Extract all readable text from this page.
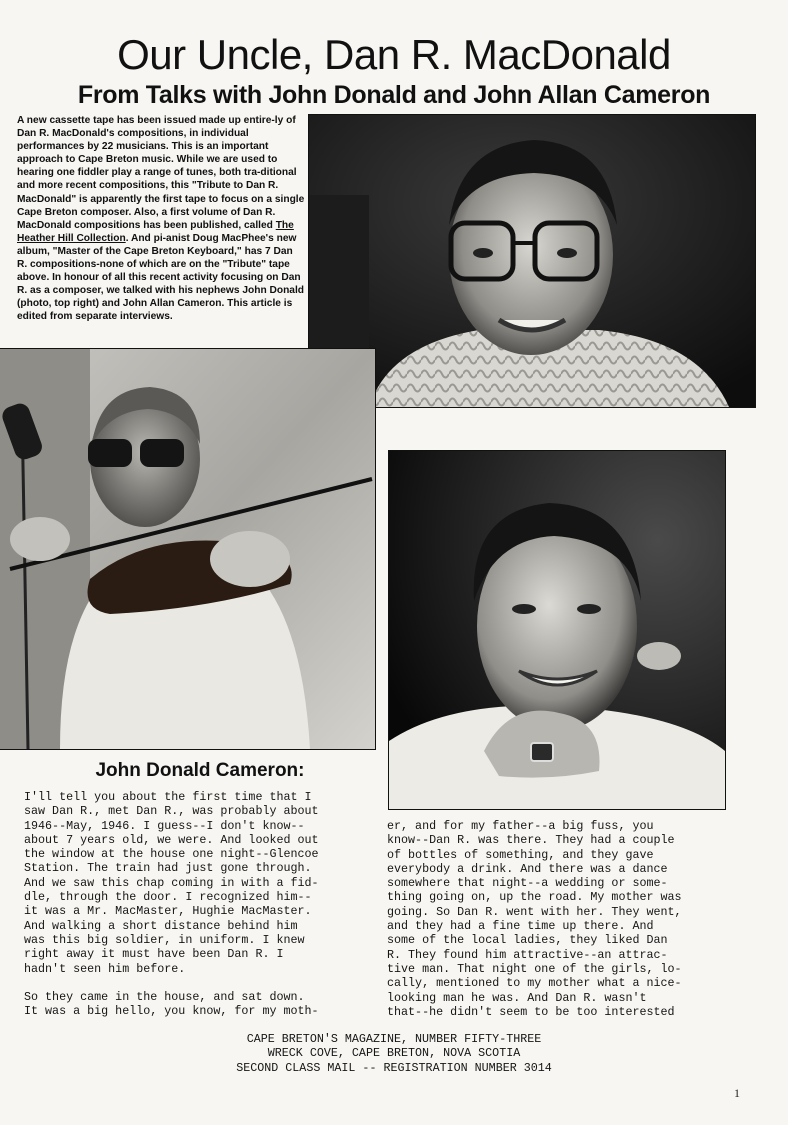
Our Uncle, Dan R. MacDonald
From Talks with John Donald and John Allan Cameron

A new cassette tape has been issued made up entire-ly of Dan R. MacDonald's compositions, in individual performances by 22 musicians. This is an important approach to Cape Breton music. While we are used to hearing one fiddler play a range of tunes, both tra-ditional and more recent compositions, this "Tribute to Dan R. MacDonald" is apparently the first tape to focus on a single Cape Breton composer. Also, a first volume of Dan R. MacDonald compositions has been published, called The Heather Hill Collection. And pi-anist Doug MacPhee's new album, "Master of the Cape Breton Keyboard," has 7 Dan R. compositions-none of which are on the "Tribute" tape above. In honour of all this recent activity focusing on Dan R. as a composer, we talked with his nephews John Donald (photo, top right) and John Allan Cameron. This article is edited from separate interviews.

John Donald Cameron:
I'll tell you about the first time that I
saw Dan R., met Dan R., was probably about
1946--May, 1946. I guess--I don't know--
about 7 years old, we were. And looked out
the window at the house one night--Glencoe
Station. The train had just gone through.
And we saw this chap coming in with a fid-
dle, through the door. I recognized him--
it was a Mr. MacMaster, Hughie MacMaster.
And walking a short distance behind him
was this big soldier, in uniform. I knew
right away it must have been Dan R. I
hadn't seen him before.

So they came in the house, and sat down.
It was a big hello, you know, for my moth-
er, and for my father--a big fuss, you
know--Dan R. was there. They had a couple
of bottles of something, and they gave
everybody a drink. And there was a dance
somewhere that night--a wedding or some-
thing going on, up the road. My mother was
going. So Dan R. went with her. They went,
and they had a fine time up there. And
some of the local ladies, they liked Dan
R. They found him attractive--an attrac-
tive man. That night one of the girls, lo-
cally, mentioned to my mother what a nice-
looking man he was. And Dan R. wasn't
that--he didn't seem to be too interested
CAPE BRETON'S MAGAZINE, NUMBER FIFTY-THREE
WRECK COVE, CAPE BRETON, NOVA SCOTIA
SECOND CLASS MAIL -- REGISTRATION NUMBER 3014
1
